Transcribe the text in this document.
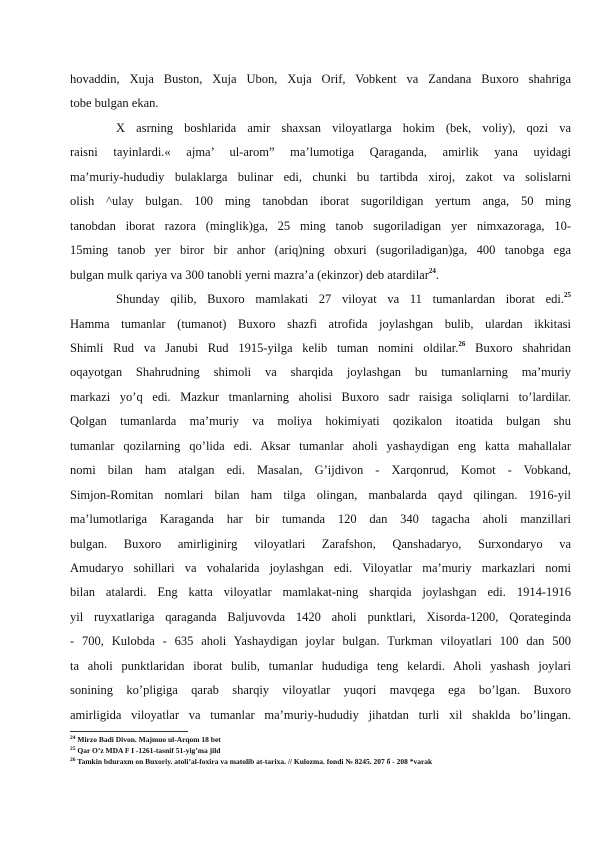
hovaddin, Xuja Buston, Xuja Ubon, Xuja Orif, Vobkent va Zandana Buxoro shahriga
tobe bulgan ekan.
X asrning boshlarida amir shaxsan viloyatlarga hokim (bek, voliy), qozi va
raisni tayinlardi.« ajma’ ul-arom” ma’lumotiga Qaraganda, amirlik yana uyidagi
ma’muriy-hududiy bulaklarga bulinar edi, chunki bu tartibda xiroj, zakot va solislarni
olish ^ulay bulgan. 100 ming tanobdan iborat sugorildigan yertum anga, 50 ming
tanobdan iborat razora (minglik)ga, 25 ming tanob sugoriladigan yer nimxazoraga, 10-
15ming tanob yer biror bir anhor (ariq)ning obxuri (sugoriladigan)ga, 400 tanobga ega
bulgan mulk qariya va 300 tanobli yerni mazra’a (ekinzor) deb atardilar$^{24}$.
Shunday qilib, Buxoro mamlakati 27 viloyat va 11 tumanlardan iborat edi.$^{25}$
Hamma tumanlar (tumanot) Buxoro shazfi atrofida joylashgan bulib, ulardan ikkitasi
Shimli Rud va Janubi Rud 1915-yilga kelib tuman nomini oldilar.$^{26}$ Buxoro shahridan
oqayotgan Shahrudning shimoli va sharqida joylashgan bu tumanlarning ma’muriy
markazi yo’q edi. Mazkur tmanlarning aholisi Buxoro sadr raisiga soliqlarni to’lardilar.
Qolgan tumanlarda ma’muriy va moliya hokimiyati qozikalon itoatida bulgan shu
tumanlar qozilarning qo’lida edi. Aksar tumanlar aholi yashaydigan eng katta mahallalar
nomi bilan ham atalgan edi. Masalan, G’ijdivon - Xarqonrud, Komot - Vobkand,
Simjon-Romitan nomlari bilan ham tilga olingan, manbalarda qayd qilingan. 1916-yil
ma’lumotlariga Karaganda har bir tumanda 120 dan 340 tagacha aholi manzillari
bulgan. Buxoro amirliginirg viloyatlari Zarafshon, Qanshadaryo, Surxondaryo va
Amudaryo sohillari va vohalarida joylashgan edi. Viloyatlar ma’muriy markazlari nomi
bilan atalardi. Eng katta viloyatlar mamlakat-ning sharqida joylashgan edi. 1914-1916
yil ruyxatlariga qaraganda Baljuvovda 1420 aholi punktlari, Xisorda-1200, Qorateginda
- 700, Kulobda - 635 aholi Yashaydigan joylar bulgan. Turkman viloyatlari 100 dan 500
ta aholi punktlaridan iborat bulib, tumanlar hududiga teng kelardi. Aholi yashash joylari
sonining ko’pligiga qarab sharqiy viloyatlar yuqori mavqega ega bo’lgan. Buxoro
amirligida viloyatlar va tumanlar ma’muriy-hududiy jihatdan turli xil shaklda bo’lingan.
$^{24}$ Mirzo Badi Divon. Majmuo ul-Arqom 18 bet
$^{25}$ Qar O’z MDA F I -1261-tasnif 51-yig’ma jild
$^{26}$ Tamkin bduraxm on Buxoriy. atoli’al-foxira va matolib at-tarixa. // Kulozma. fondi № 8245. 207 б - 208 *varak
